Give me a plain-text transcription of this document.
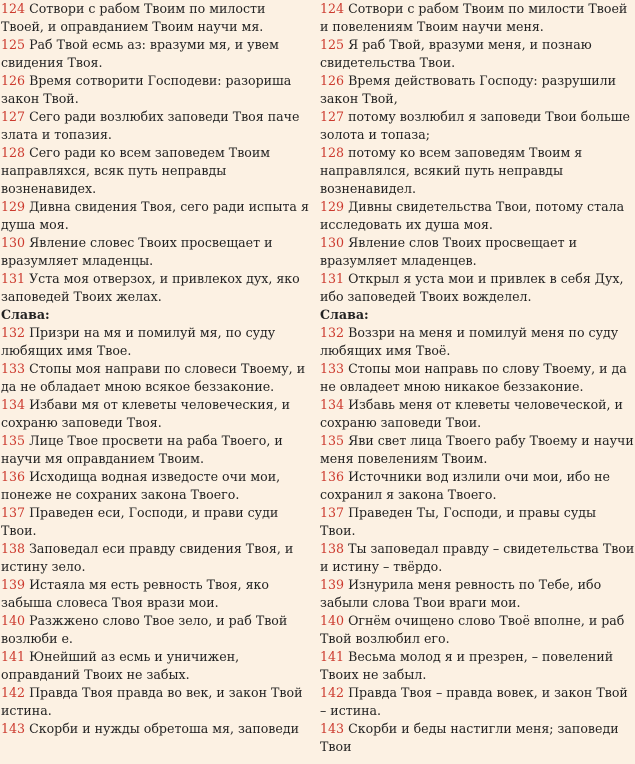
124 Сотвори с рабом Твоим по милости Твоей, и оправданием Твоим научи мя.
125 Раб Твой есмь аз: вразуми мя, и увем свидения Твоя.
126 Время сотворити Господеви: разориша закон Твой.
127 Сего ради возлюбих заповеди Твоя паче злата и топазия.
128 Сего ради ко всем заповедем Твоим направляхся, всяк путь неправды возненавидех.
129 Дивна свидения Твоя, сего ради испыта я душа моя.
130 Явление словес Твоих просвещает и вразумляет младенцы.
131 Уста моя отверзох, и привлекох дух, яко заповедей Твоих желах.
Слава:
132 Призри на мя и помилуй мя, по суду любящих имя Твое.
133 Стопы моя направи по словеси Твоему, и да не обладает мною всякое беззаконие.
134 Избави мя от клеветы человеческия, и сохраню заповеди Твоя.
135 Лице Твое просвети на раба Твоего, и научи мя оправданием Твоим.
136 Исходища водная изведосте очи мои, понеже не сохраних закона Твоего.
137 Праведен еси, Господи, и прави суди Твои.
138 Заповедал еси правду свидения Твоя, и истину зело.
139 Истаяла мя есть ревность Твоя, яко забыша словеса Твоя врази мои.
140 Разжжено слово Твое зело, и раб Твой возлюби е.
141 Юнейший аз есмь и уничижен, оправданий Твоих не забых.
142 Правда Твоя правда во век, и закон Твой истина.
143 Скорби и нужды обретоша мя, заповеди
124 Сотвори с рабом Твоим по милости Твоей и повелениям Твоим научи меня.
125 Я раб Твой, вразуми меня, и познаю свидетельства Твои.
126 Время действовать Господу: разрушили закон Твой,
127 потому возлюбил я заповеди Твои больше золота и топаза;
128 потому ко всем заповедям Твоим я направлялся, всякий путь неправды возненавидел.
129 Дивны свидетельства Твои, потому стала исследовать их душа моя.
130 Явление слов Твоих просвещает и вразумляет младенцев.
131 Открыл я уста мои и привлек в себя Дух, ибо заповедей Твоих вожделел.
Слава:
132 Воззри на меня и помилуй меня по суду любящих имя Твоё.
133 Стопы мои направь по слову Твоему, и да не овладеет мною никакое беззаконие.
134 Избавь меня от клеветы человеческой, и сохраню заповеди Твои.
135 Яви свет лица Твоего рабу Твоему и научи меня повелениям Твоим.
136 Источники вод излили очи мои, ибо не сохранил я закона Твоего.
137 Праведен Ты, Господи, и правы суды Твои.
138 Ты заповедал правду – свидетельства Твои и истину – твёрдо.
139 Изнурила меня ревность по Тебе, ибо забыли слова Твои враги мои.
140 Огнём очищено слово Твоё вполне, и раб Твой возлюбил его.
141 Весьма молод я и презрен, – повелений Твоих не забыл.
142 Правда Твоя – правда вовек, и закон Твой – истина.
143 Скорби и беды настигли меня; заповеди Твои
